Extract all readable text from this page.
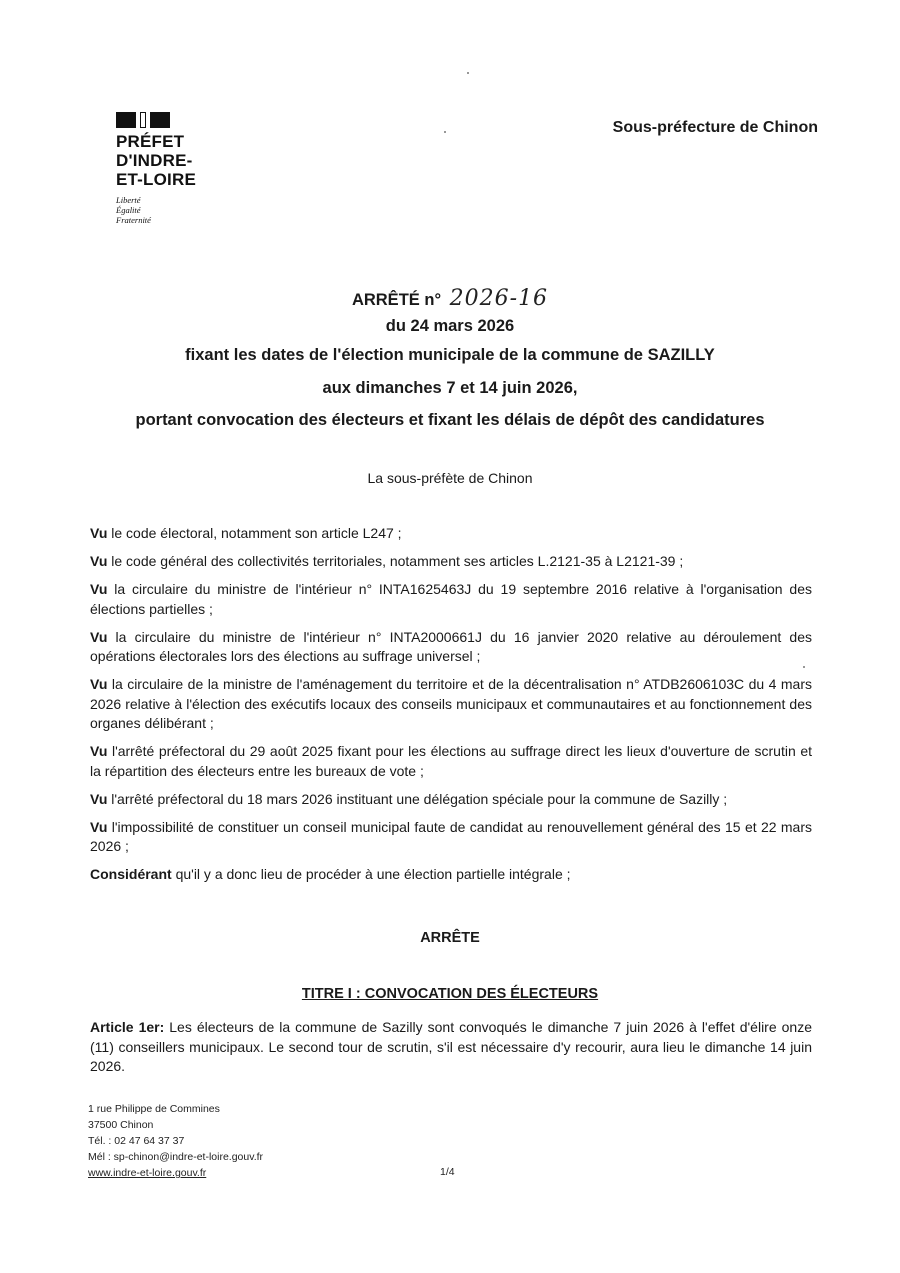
PRÉFET
D'INDRE-
ET-LOIRE
Liberté
Égalité
Fraternité
Sous-préfecture de Chinon
ARRÊTÉ n° 2026-16
du 24 mars 2026
fixant les dates de l'élection municipale de la commune de SAZILLY
aux dimanches 7 et 14 juin 2026,
portant convocation des électeurs et fixant les délais de dépôt des candidatures
La sous-préfète de Chinon

Vu le code électoral, notamment son article L247 ;

Vu le code général des collectivités territoriales, notamment ses articles L.2121-35 à L2121-39 ;

Vu la circulaire du ministre de l'intérieur n° INTA1625463J du 19 septembre 2016 relative à l'organisation des élections partielles ;

Vu la circulaire du ministre de l'intérieur n° INTA2000661J du 16 janvier 2020 relative au déroulement des opérations électorales lors des élections au suffrage universel ;

Vu la circulaire de la ministre de l'aménagement du territoire et de la décentralisation n° ATDB2606103C du 4 mars 2026 relative à l'élection des exécutifs locaux des conseils municipaux et communautaires et au fonctionnement des organes délibérant ;

Vu l'arrêté préfectoral du 29 août 2025 fixant pour les élections au suffrage direct les lieux d'ouverture de scrutin et la répartition des électeurs entre les bureaux de vote ;

Vu l'arrêté préfectoral du 18 mars 2026 instituant une délégation spéciale pour la commune de Sazilly ;

Vu l'impossibilité de constituer un conseil municipal faute de candidat au renouvellement général des 15 et 22 mars 2026 ;

Considérant qu'il y a donc lieu de procéder à une élection partielle intégrale ;

ARRÊTE
TITRE I : CONVOCATION DES ÉLECTEURS
Article 1er: Les électeurs de la commune de Sazilly sont convoqués le dimanche 7 juin 2026 à l'effet d'élire onze (11) conseillers municipaux. Le second tour de scrutin, s'il est nécessaire d'y recourir, aura lieu le dimanche 14 juin 2026.
1 rue Philippe de Commines
37500 Chinon
Tél. : 02 47 64 37 37
Mél : sp-chinon@indre-et-loire.gouv.fr
www.indre-et-loire.gouv.fr	1/4
